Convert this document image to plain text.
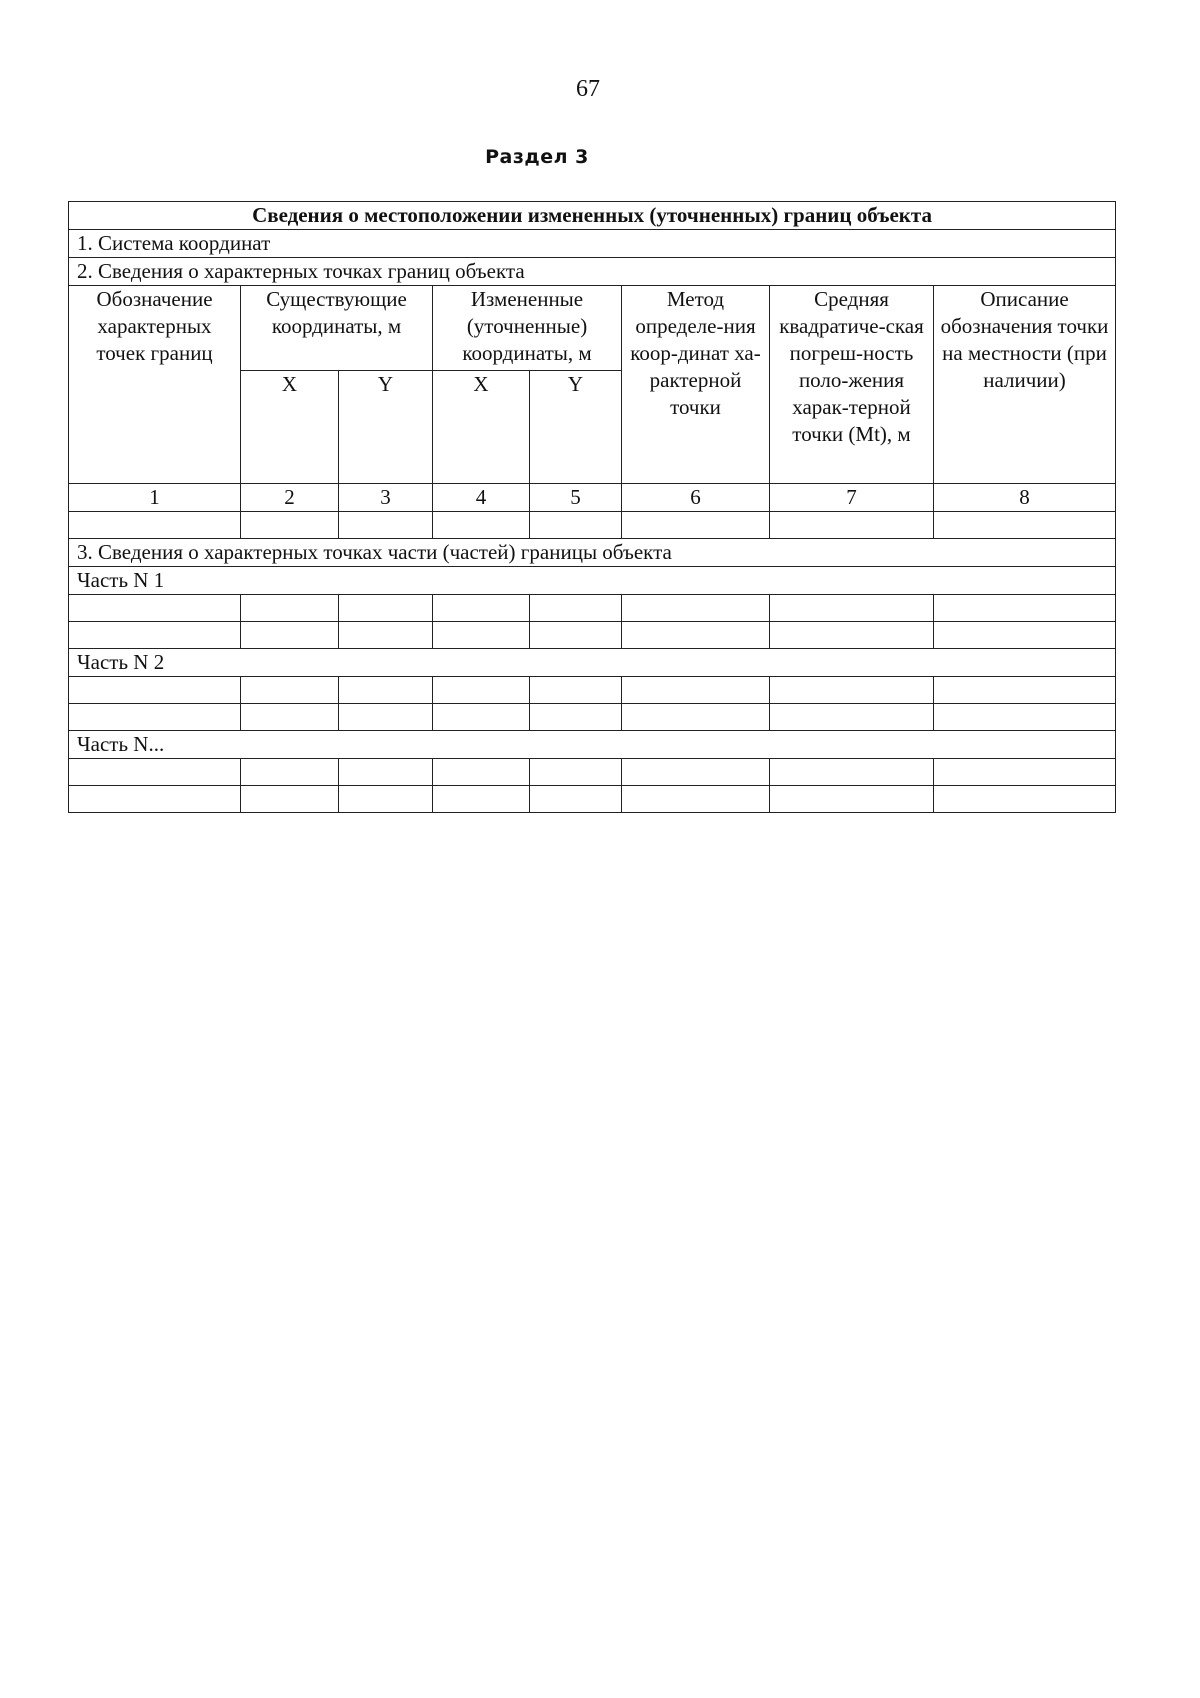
67
Раздел 3
Сведения о местоположении измененных (уточненных) границ объекта							
1. Система координат							
2. Сведения о характерных точках границ объекта							
Обозначение характерных точек границ	Существующие координаты, м		Измененные (уточненные) координаты, м		Метод определе-ния коор-динат ха-рактерной точки	Средняя квадратиче-ская погреш-ность поло-жения харак-терной точки (Mt), м	Описание обозначения точки на местности (при наличии)
	X	Y	X	Y			
1	2	3	4	5	6	7	8

3. Сведения о характерных точках части (частей) границы объекта							
Часть N 1							

Часть N 2							

Часть N...							
